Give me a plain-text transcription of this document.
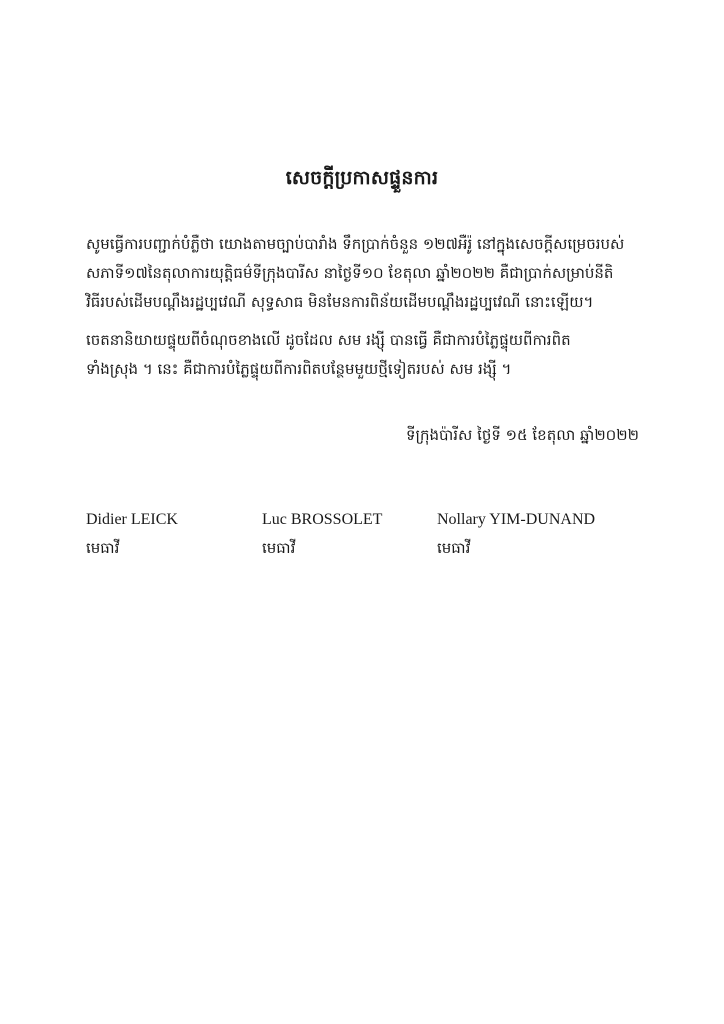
សេចក្តីប្រកាសផ្ទួនការ

សូមធ្វើការបញ្ជាក់បំភ្លឺថា យោងតាមច្បាប់បារាំង ទឹកប្រាក់ចំនួន ១២៧អឺរ៉ូ នៅក្នុងសេចក្តីសម្រេចរបស់
សភាទី១៧នៃតុលាការយុត្តិធម៌ទីក្រុងបារីស នាថ្ងៃទី១០ ខែតុលា ឆ្នាំ២០២២ គឺជាប្រាក់សម្រាប់នីតិ
វិធីរបស់ដើមបណ្តឹងរដ្ឋប្បវេណី សុទ្ធសាធ មិនមែនការពិន័យដើមបណ្តឹងរដ្ឋប្បវេណី នោះឡើយ។

ចេតនានិយាយផ្ទុយពីចំណុចខាងលើ ដូចដែល សម រង្ស៊ី បានធ្វើ គឺជាការបំភ្លៃផ្ទុយពីការពិត
ទាំងស្រុង ។ នេះ គឺជាការបំភ្លៃផ្ទុយពីការពិតបន្ថែមមួយថ្មីទៀតរបស់ សម រង្ស៊ី ។

ទីក្រុងប៉ារីស ថ្ងៃទី ១៥ ខែតុលា ឆ្នាំ២០២២
Didier LEICK
មេធាវី
Luc BROSSOLET
មេធាវី
Nollary YIM-DUNAND
មេធាវី
